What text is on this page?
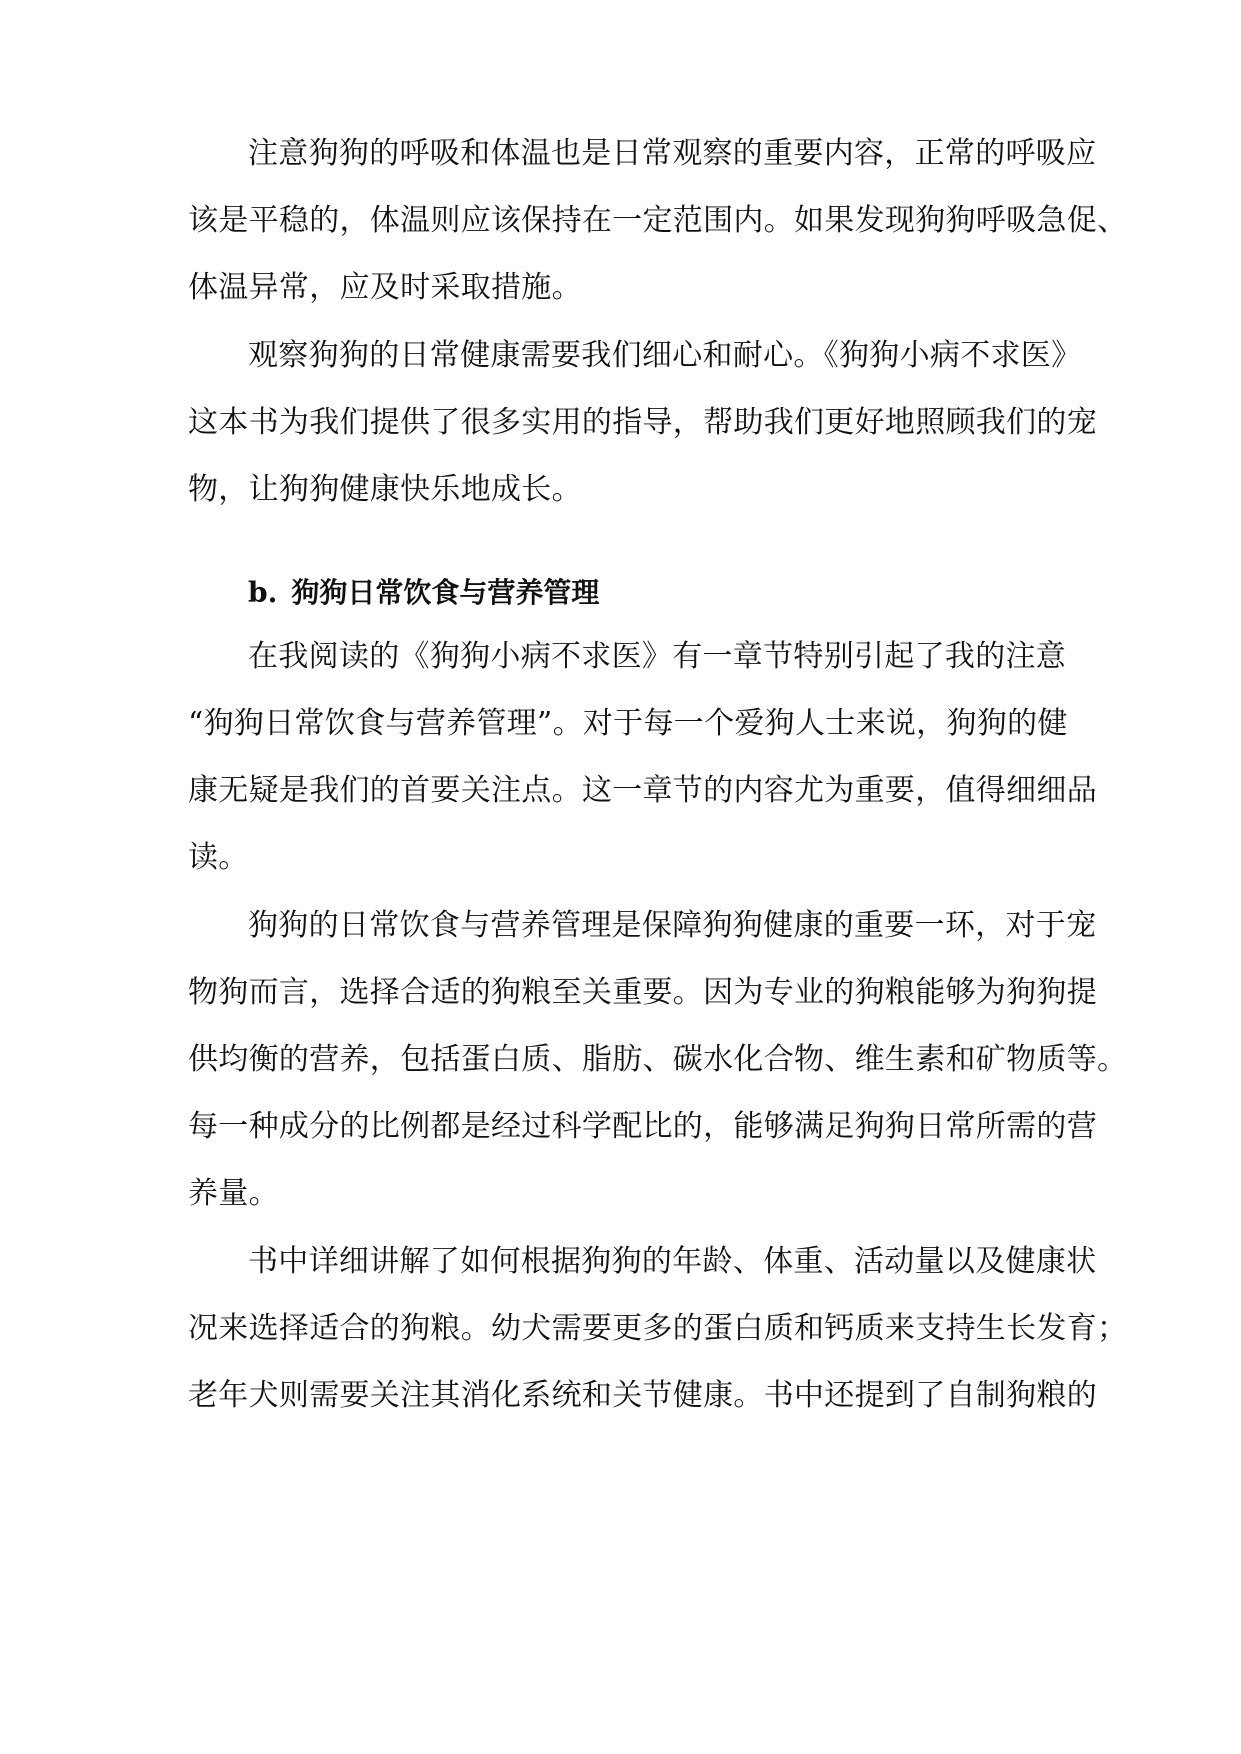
注意狗狗的呼吸和体温也是日常观察的重要内容，正常的呼吸应
该是平稳的，体温则应该保持在一定范围内。如果发现狗狗呼吸急促、
体温异常，应及时采取措施。
观察狗狗的日常健康需要我们细心和耐心。《狗狗小病不求医》
这本书为我们提供了很多实用的指导，帮助我们更好地照顾我们的宠
物，让狗狗健康快乐地成长。
b. 狗狗日常饮食与营养管理
在我阅读的《狗狗小病不求医》有一章节特别引起了我的注意
“狗狗日常饮食与营养管理”。对于每一个爱狗人士来说，狗狗的健
康无疑是我们的首要关注点。这一章节的内容尤为重要，值得细细品
读。
狗狗的日常饮食与营养管理是保障狗狗健康的重要一环，对于宠
物狗而言，选择合适的狗粮至关重要。因为专业的狗粮能够为狗狗提
供均衡的营养，包括蛋白质、脂肪、碳水化合物、维生素和矿物质等。
每一种成分的比例都是经过科学配比的，能够满足狗狗日常所需的营
养量。
书中详细讲解了如何根据狗狗的年龄、体重、活动量以及健康状
况来选择适合的狗粮。幼犬需要更多的蛋白质和钙质来支持生长发育；
老年犬则需要关注其消化系统和关节健康。书中还提到了自制狗粮的
